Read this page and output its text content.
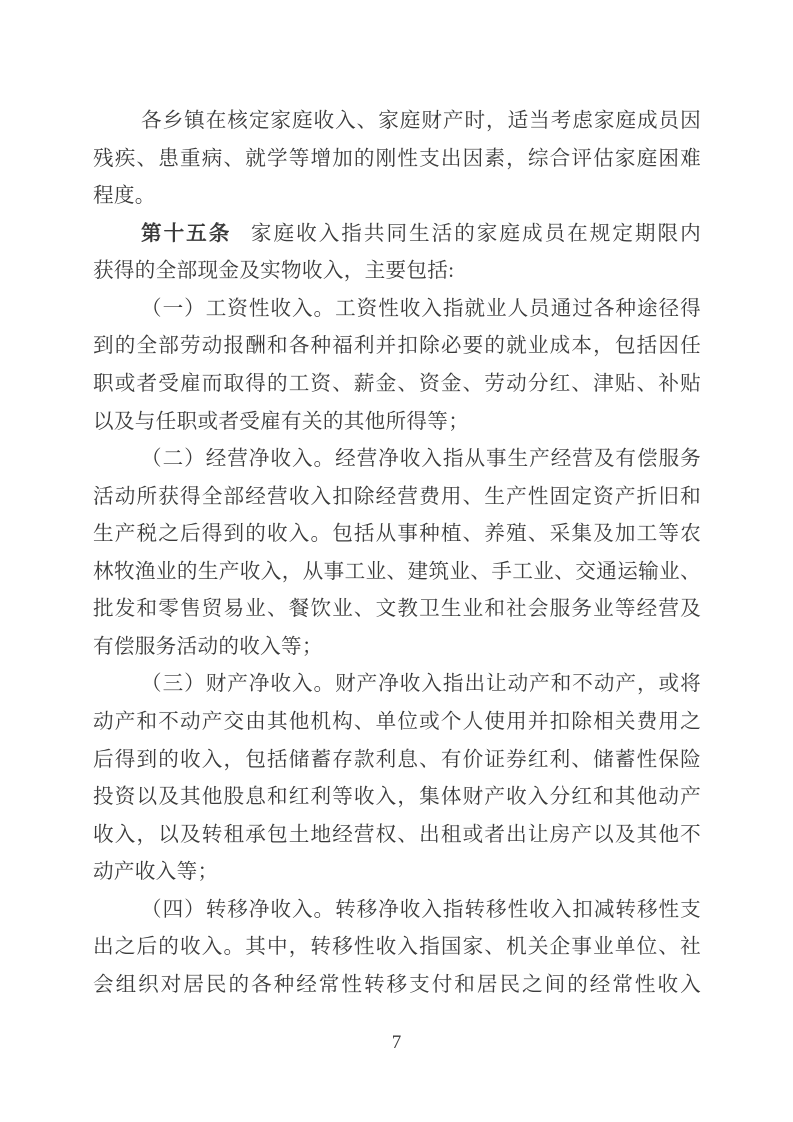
各乡镇在核定家庭收入、家庭财产时，适当考虑家庭成员因
残疾、患重病、就学等增加的刚性支出因素，综合评估家庭困难
程度。
第十五条 家庭收入指共同生活的家庭成员在规定期限内
获得的全部现金及实物收入，主要包括:
（一）工资性收入。工资性收入指就业人员通过各种途径得
到的全部劳动报酬和各种福利并扣除必要的就业成本，包括因任
职或者受雇而取得的工资、薪金、资金、劳动分红、津贴、补贴
以及与任职或者受雇有关的其他所得等；
（二）经营净收入。经营净收入指从事生产经营及有偿服务
活动所获得全部经营收入扣除经营费用、生产性固定资产折旧和
生产税之后得到的收入。包括从事种植、养殖、采集及加工等农
林牧渔业的生产收入，从事工业、建筑业、手工业、交通运输业、
批发和零售贸易业、餐饮业、文教卫生业和社会服务业等经营及
有偿服务活动的收入等；
（三）财产净收入。财产净收入指出让动产和不动产，或将
动产和不动产交由其他机构、单位或个人使用并扣除相关费用之
后得到的收入，包括储蓄存款利息、有价证券红利、储蓄性保险
投资以及其他股息和红利等收入，集体财产收入分红和其他动产
收入，以及转租承包土地经营权、出租或者出让房产以及其他不
动产收入等；
（四）转移净收入。转移净收入指转移性收入扣减转移性支
出之后的收入。其中，转移性收入指国家、机关企事业单位、社
会组织对居民的各种经常性转移支付和居民之间的经常性收入
7
